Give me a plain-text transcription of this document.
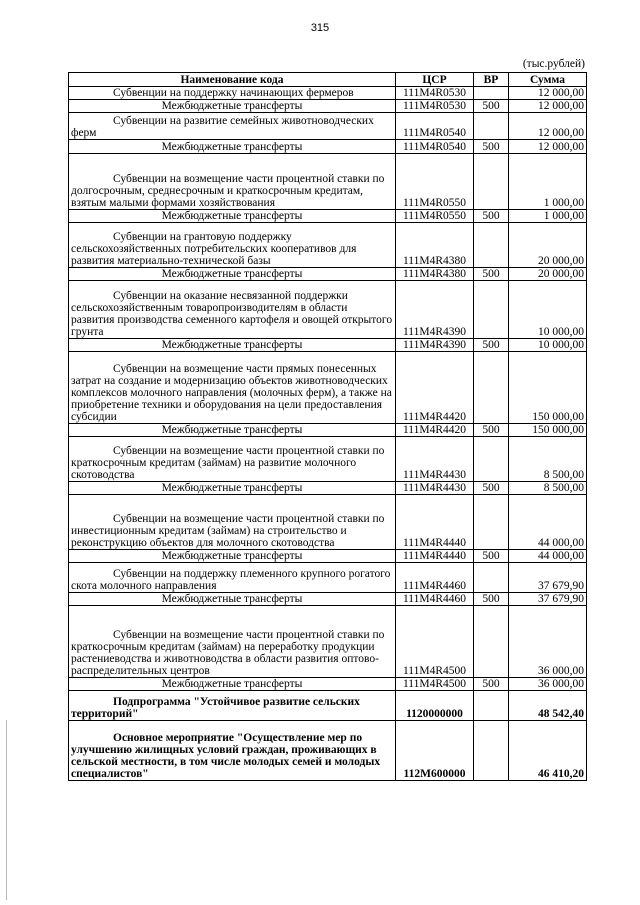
315
(тыс.рублей)
Наименование кода	ЦСР	ВР	Сумма
Субвенции на поддержку начинающих фермеров	111M4R0530		12 000,00
Межбюджетные трансферты	111M4R0530	500	12 000,00
Субвенции на развитие семейных животноводческих ферм	111M4R0540		12 000,00
Межбюджетные трансферты	111M4R0540	500	12 000,00
Субвенции на возмещение части процентной ставки по долгосрочным, среднесрочным и краткосрочным кредитам, взятым малыми формами хозяйствования	111M4R0550		1 000,00
Межбюджетные трансферты	111M4R0550	500	1 000,00
Субвенции на грантовую поддержку сельскохозяйственных потребительских кооперативов для развития материально-технической базы	111M4R4380		20 000,00
Межбюджетные трансферты	111M4R4380	500	20 000,00
Субвенции на оказание несвязанной поддержки сельскохозяйственным товаропроизводителям в области развития производства семенного картофеля и овощей открытого грунта	111M4R4390		10 000,00
Межбюджетные трансферты	111M4R4390	500	10 000,00
Субвенции на возмещение части прямых понесенных затрат на создание и модернизацию объектов животноводческих комплексов молочного направления (молочных ферм), а также на приобретение техники и оборудования на цели предоставления субсидии	111M4R4420		150 000,00
Межбюджетные трансферты	111M4R4420	500	150 000,00
Субвенции на возмещение части процентной ставки по краткосрочным кредитам (займам) на развитие молочного скотоводства	111M4R4430		8 500,00
Межбюджетные трансферты	111M4R4430	500	8 500,00
Субвенции на возмещение части процентной ставки по инвестиционным кредитам (займам) на строительство и реконструкцию объектов для молочного скотоводства	111M4R4440		44 000,00
Межбюджетные трансферты	111M4R4440	500	44 000,00
Субвенции на поддержку племенного крупного рогатого скота молочного направления	111M4R4460		37 679,90
Межбюджетные трансферты	111M4R4460	500	37 679,90
Субвенции на возмещение части процентной ставки по краткосрочным кредитам (займам) на переработку продукции растениеводства и животноводства в области развития оптово-распределительных центров	111M4R4500		36 000,00
Межбюджетные трансферты	111M4R4500	500	36 000,00
Подпрограмма "Устойчивое развитие сельских территорий"	1120000000		48 542,40
Основное мероприятие "Осуществление мер по улучшению жилищных условий граждан, проживающих в сельской местности, в том числе молодых семей и молодых специалистов"	112M600000		46 410,20
